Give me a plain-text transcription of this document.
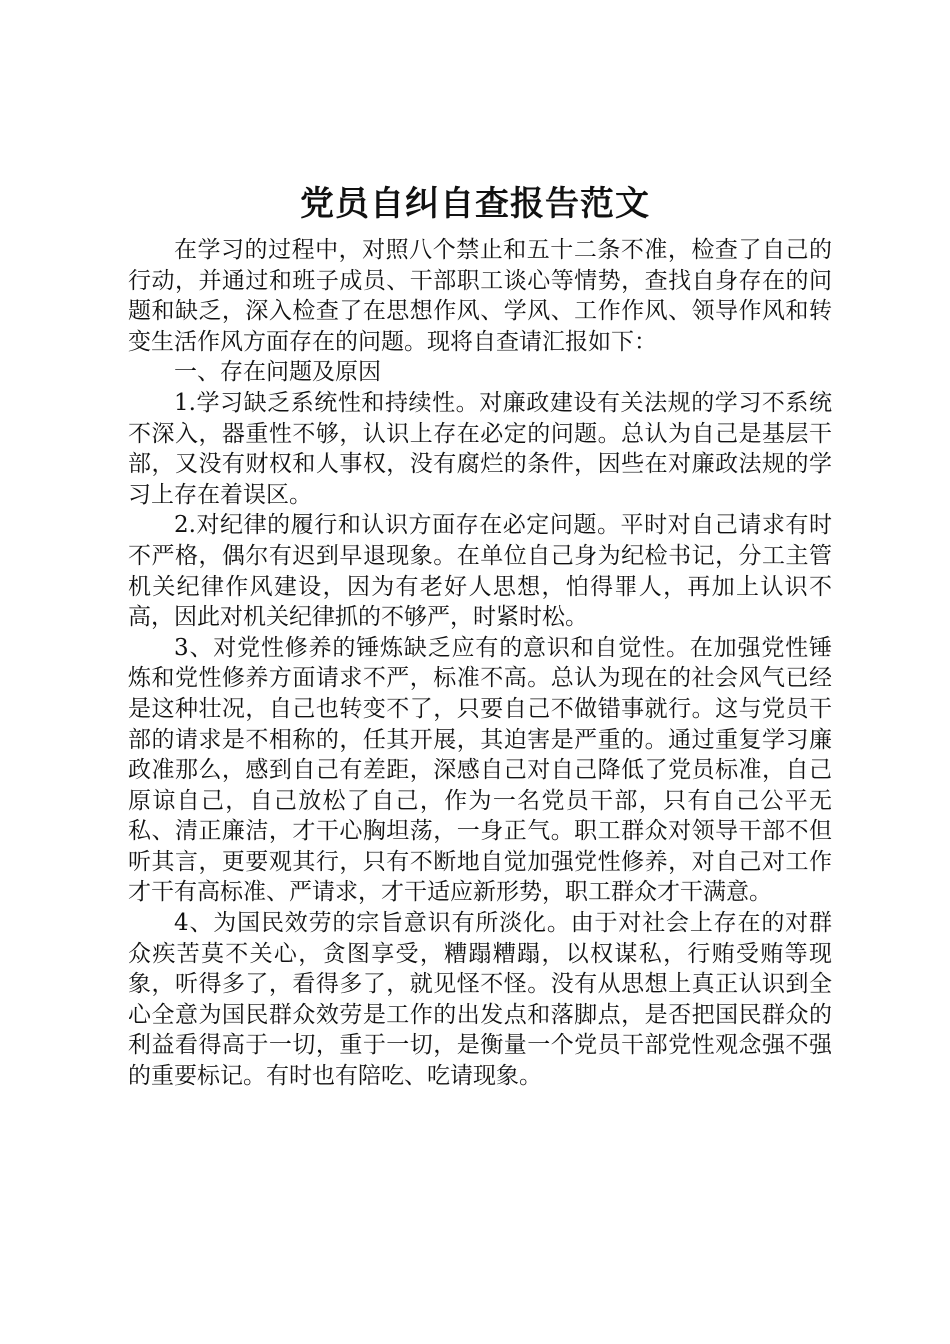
党员自纠自查报告范文

在学习的过程中，对照八个禁止和五十二条不准，检查了自己的行动，并通过和班子成员、干部职工谈心等情势，查找自身存在的问题和缺乏，深入检查了在思想作风、学风、工作作风、领导作风和转变生活作风方面存在的问题。现将自查请汇报如下：

一、存在问题及原因

1.学习缺乏系统性和持续性。对廉政建设有关法规的学习不系统不深入，器重性不够，认识上存在必定的问题。总认为自己是基层干部，又没有财权和人事权，没有腐烂的条件，因些在对廉政法规的学习上存在着误区。

2.对纪律的履行和认识方面存在必定问题。平时对自己请求有时不严格，偶尔有迟到早退现象。在单位自己身为纪检书记，分工主管机关纪律作风建设，因为有老好人思想，怕得罪人，再加上认识不高，因此对机关纪律抓的不够严，时紧时松。

3、对党性修养的锤炼缺乏应有的意识和自觉性。在加强党性锤炼和党性修养方面请求不严，标准不高。总认为现在的社会风气已经是这种壮况，自己也转变不了，只要自己不做错事就行。这与党员干部的请求是不相称的，任其开展，其迫害是严重的。通过重复学习廉政准那么，感到自己有差距，深感自己对自己降低了党员标准，自己原谅自己，自己放松了自己，作为一名党员干部，只有自己公平无私、清正廉洁，才干心胸坦荡，一身正气。职工群众对领导干部不但听其言，更要观其行，只有不断地自觉加强党性修养，对自己对工作才干有高标准、严请求，才干适应新形势，职工群众才干满意。

4、为国民效劳的宗旨意识有所淡化。由于对社会上存在的对群众疾苦莫不关心，贪图享受，糟蹋糟蹋，以权谋私，行贿受贿等现象，听得多了，看得多了，就见怪不怪。没有从思想上真正认识到全心全意为国民群众效劳是工作的出发点和落脚点，是否把国民群众的利益看得高于一切，重于一切，是衡量一个党员干部党性观念强不强的重要标记。有时也有陪吃、吃请现象。
